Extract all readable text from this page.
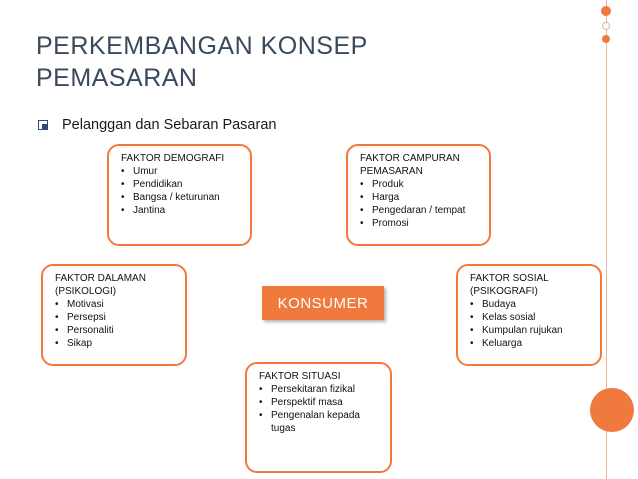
PERKEMBANGAN KONSEP
PEMASARAN
Pelanggan dan Sebaran Pasaran
FAKTOR DEMOGRAFI
• Umur
• Pendidikan
• Bangsa / keturunan
• Jantina
FAKTOR CAMPURAN
PEMASARAN
• Produk
• Harga
• Pengedaran / tempat
• Promosi
FAKTOR DALAMAN
(PSIKOLOGI)
• Motivasi
• Persepsi
• Personaliti
• Sikap
FAKTOR SOSIAL
(PSIKOGRAFI)
• Budaya
• Kelas sosial
• Kumpulan rujukan
• Keluarga
FAKTOR SITUASI
• Persekitaran fizikal
• Perspektif masa
• Pengenalan kepada
tugas
KONSUMER
